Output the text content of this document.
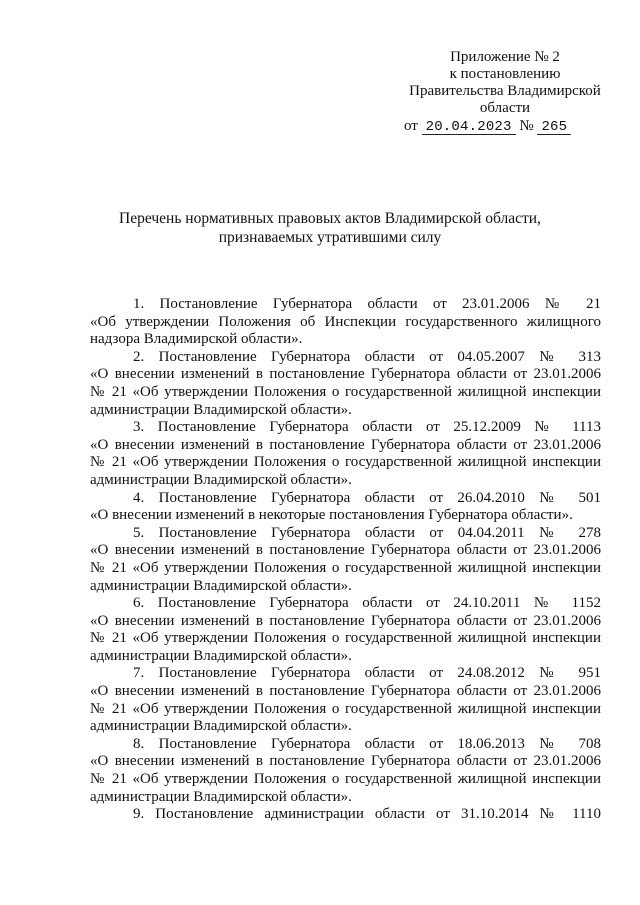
Приложение № 2
к постановлению
Правительства Владимирской
области
от 20.04.2023 № 265
Перечень нормативных правовых актов Владимирской области,
признаваемых утратившими силу
1. Постановление Губернатора области от 23.01.2006 № 21
«Об утверждении Положения об Инспекции государственного жилищного
надзора Владимирской области».
2. Постановление Губернатора области от 04.05.2007 № 313
«О внесении изменений в постановление Губернатора области от 23.01.2006
№ 21 «Об утверждении Положения о государственной жилищной инспекции
администрации Владимирской области».
3. Постановление Губернатора области от 25.12.2009 № 1113
«О внесении изменений в постановление Губернатора области от 23.01.2006
№ 21 «Об утверждении Положения о государственной жилищной инспекции
администрации Владимирской области».
4. Постановление Губернатора области от 26.04.2010 № 501
«О внесении изменений в некоторые постановления Губернатора области».
5. Постановление Губернатора области от 04.04.2011 № 278
«О внесении изменений в постановление Губернатора области от 23.01.2006
№ 21 «Об утверждении Положения о государственной жилищной инспекции
администрации Владимирской области».
6. Постановление Губернатора области от 24.10.2011 № 1152
«О внесении изменений в постановление Губернатора области от 23.01.2006
№ 21 «Об утверждении Положения о государственной жилищной инспекции
администрации Владимирской области».
7. Постановление Губернатора области от 24.08.2012 № 951
«О внесении изменений в постановление Губернатора области от 23.01.2006
№ 21 «Об утверждении Положения о государственной жилищной инспекции
администрации Владимирской области».
8. Постановление Губернатора области от 18.06.2013 № 708
«О внесении изменений в постановление Губернатора области от 23.01.2006
№ 21 «Об утверждении Положения о государственной жилищной инспекции
администрации Владимирской области».
9. Постановление администрации области от 31.10.2014 № 1110
